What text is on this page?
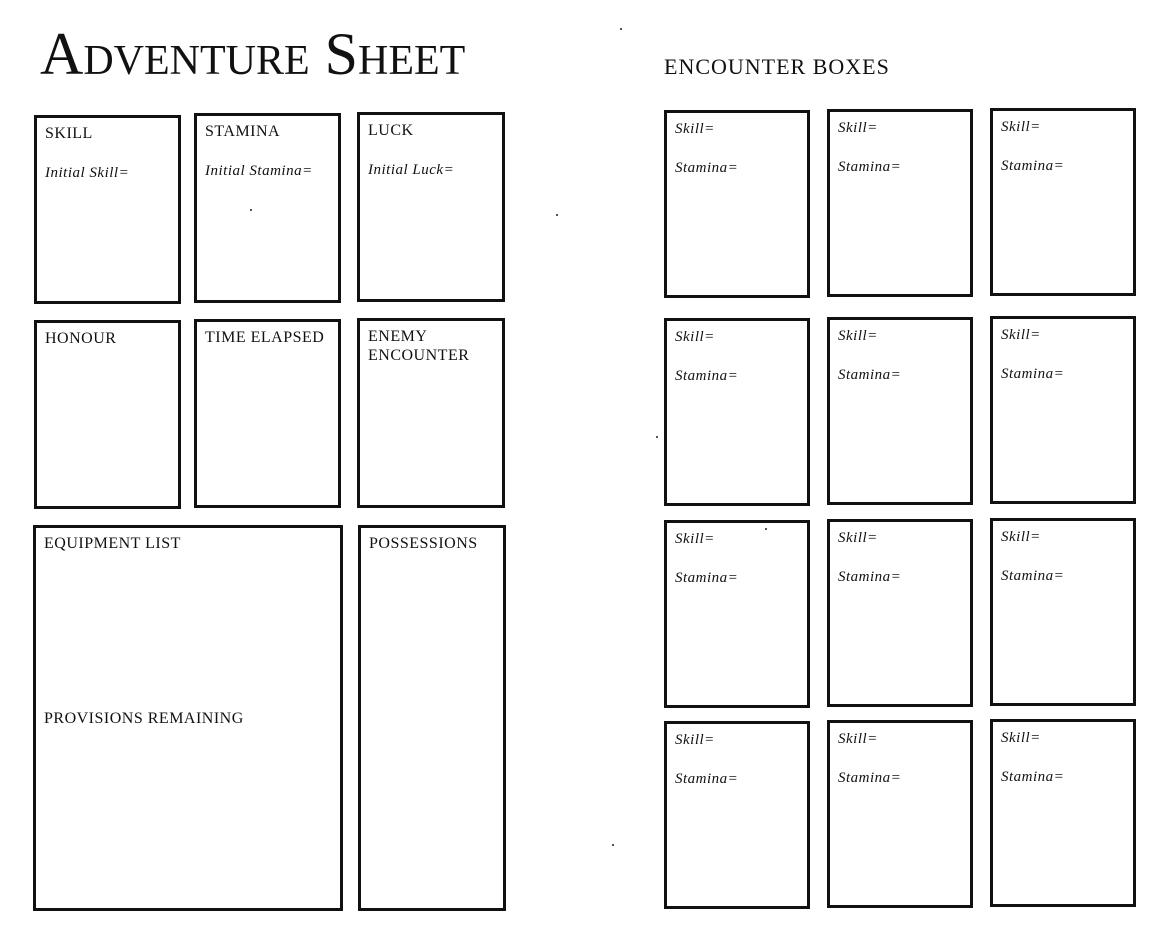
Adventure Sheet
SKILL
Initial Skill=
STAMINA
Initial Stamina=
LUCK
Initial Luck=
HONOUR	TIME ELAPSED	ENEMY ENCOUNTER
EQUIPMENT LIST
PROVISIONS REMAINING
POSSESSIONS
ENCOUNTER BOXES
Skill=
Stamina=
Skill=
Stamina=
Skill=
Stamina=
Skill=
Stamina=
Skill=
Stamina=
Skill=
Stamina=
Skill=
Stamina=
Skill=
Stamina=
Skill=
Stamina=
Skill=
Stamina=
Skill=
Stamina=
Skill=
Stamina=
